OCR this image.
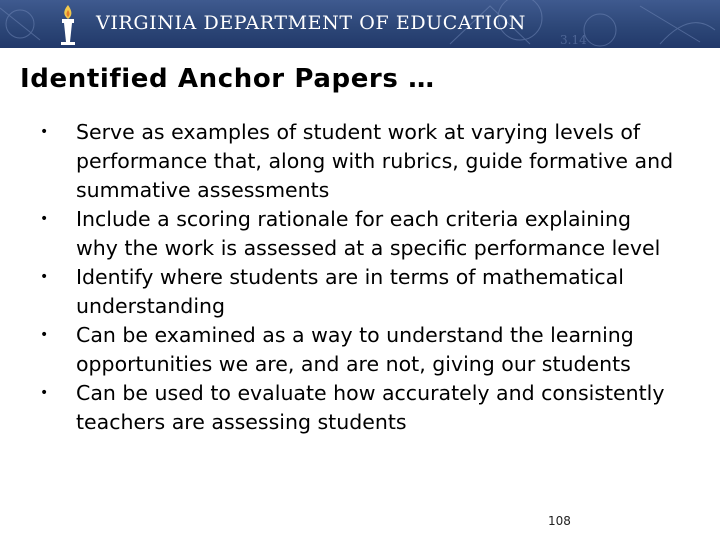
3.14
VIRGINIA DEPARTMENT OF EDUCATION
Identified Anchor Papers …
• Serve as examples of student work at varying levels of performance that, along with rubrics, guide formative and summative assessments
• Include a scoring rationale for each criteria explaining why the work is assessed at a specific performance level
• Identify where students are in terms of mathematical understanding
• Can be examined as a way to understand the learning opportunities we are, and are not, giving our students
• Can be used to evaluate how accurately and consistently teachers are assessing students
108
